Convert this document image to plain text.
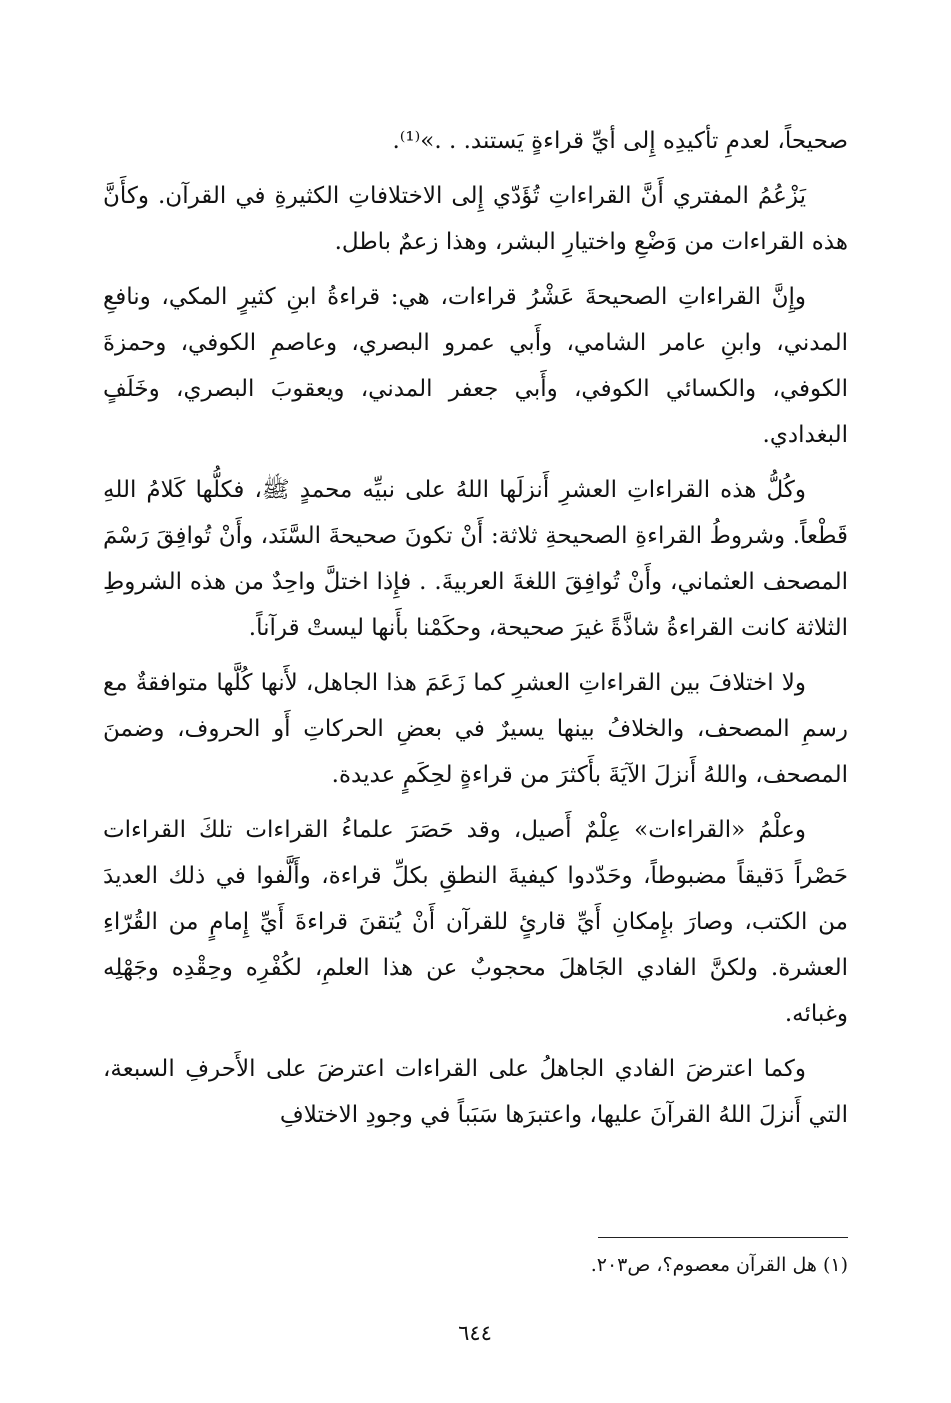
صحيحاً، لعدمِ تأكيدِه إِلى أيِّ قراءةٍ يَستند. . .»⁽¹⁾.

يَزْعُمُ المفتري أَنَّ القراءاتِ تُؤَدّي إِلى الاختلافاتِ الكثيرةِ في القرآن. وكأَنَّ هذه القراءات من وَضْعِ واختيارِ البشر، وهذا زعمٌ باطل.

وإِنَّ القراءاتِ الصحيحةَ عَشْرُ قراءات، هي: قراءةُ ابنِ كثيرٍ المكي، ونافعِ المدني، وابنِ عامر الشامي، وأَبي عمرو البصري، وعاصمِ الكوفي، وحمزةَ الكوفي، والكسائي الكوفي، وأَبي جعفر المدني، ويعقوبَ البصري، وخَلَفٍ البغدادي.

وكُلُّ هذه القراءاتِ العشرِ أَنزلَها اللهُ على نبيِّه محمدٍ ﷺ، فكلُّها كَلامُ اللهِ قَطْعاً. وشروطُ القراءةِ الصحيحةِ ثلاثة: أَنْ تكونَ صحيحةَ السَّنَد، وأَنْ تُوافِقَ رَسْمَ المصحف العثماني، وأَنْ تُوافِقَ اللغةَ العربيةَ. . فإِذا اختلَّ واحِدٌ من هذه الشروطِ الثلاثة كانت القراءةُ شاذَّةً غيرَ صحيحة، وحكَمْنا بأَنها ليستْ قرآناً.

ولا اختلافَ بين القراءاتِ العشرِ كما زَعَمَ هذا الجاهل، لأَنها كُلَّها متوافقةٌ مع رسمِ المصحف، والخلافُ بينها يسيرٌ في بعضِ الحركاتِ أَو الحروف، وضمنَ المصحف، واللهُ أَنزلَ الآيَةَ بأَكثرَ من قراءةٍ لحِكَمٍ عديدة.

وعلْمُ «القراءات» عِلْمٌ أَصيل، وقد حَصَرَ علماءُ القراءات تلكَ القراءات حَصْراً دَقيقاً مضبوطاً، وحَدّدوا كيفيةَ النطقِ بكلِّ قراءة، وأَلَّفوا في ذلك العديدَ من الكتب، وصارَ بإِمكانِ أَيِّ قارئٍ للقرآن أَنْ يُتقنَ قراءةَ أَيِّ إِمامٍ من القُرّاءِ العشرة. ولكنَّ الفادي الجَاهلَ محجوبٌ عن هذا العلمِ، لكُفْرِه وحِقْدِه وجَهْلِه وغبائه.

وكما اعترضَ الفادي الجاهلُ على القراءات اعترضَ على الأَحرفِ السبعة، التي أَنزلَ اللهُ القرآنَ عليها، واعتبرَها سَبَباً في وجودِ الاختلافِ

(١) هل القرآن معصوم؟، ص٢٠٣.
٦٤٤
